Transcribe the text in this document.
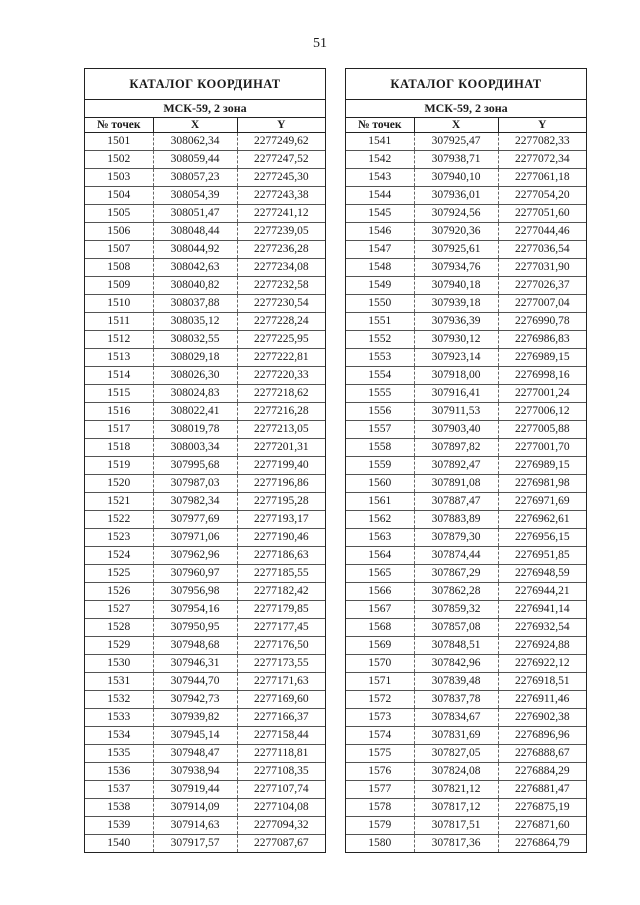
51
КАТАЛОГ КООРДИНАТ
МСК-59, 2 зона
№ точек	X	Y
1501	308062,34	2277249,62
1502	308059,44	2277247,52
1503	308057,23	2277245,30
1504	308054,39	2277243,38
1505	308051,47	2277241,12
1506	308048,44	2277239,05
1507	308044,92	2277236,28
1508	308042,63	2277234,08
1509	308040,82	2277232,58
1510	308037,88	2277230,54
1511	308035,12	2277228,24
1512	308032,55	2277225,95
1513	308029,18	2277222,81
1514	308026,30	2277220,33
1515	308024,83	2277218,62
1516	308022,41	2277216,28
1517	308019,78	2277213,05
1518	308003,34	2277201,31
1519	307995,68	2277199,40
1520	307987,03	2277196,86
1521	307982,34	2277195,28
1522	307977,69	2277193,17
1523	307971,06	2277190,46
1524	307962,96	2277186,63
1525	307960,97	2277185,55
1526	307956,98	2277182,42
1527	307954,16	2277179,85
1528	307950,95	2277177,45
1529	307948,68	2277176,50
1530	307946,31	2277173,55
1531	307944,70	2277171,63
1532	307942,73	2277169,60
1533	307939,82	2277166,37
1534	307945,14	2277158,44
1535	307948,47	2277118,81
1536	307938,94	2277108,35
1537	307919,44	2277107,74
1538	307914,09	2277104,08
1539	307914,63	2277094,32
1540	307917,57	2277087,67
КАТАЛОГ КООРДИНАТ
МСК-59, 2 зона
№ точек	X	Y
1541	307925,47	2277082,33
1542	307938,71	2277072,34
1543	307940,10	2277061,18
1544	307936,01	2277054,20
1545	307924,56	2277051,60
1546	307920,36	2277044,46
1547	307925,61	2277036,54
1548	307934,76	2277031,90
1549	307940,18	2277026,37
1550	307939,18	2277007,04
1551	307936,39	2276990,78
1552	307930,12	2276986,83
1553	307923,14	2276989,15
1554	307918,00	2276998,16
1555	307916,41	2277001,24
1556	307911,53	2277006,12
1557	307903,40	2277005,88
1558	307897,82	2277001,70
1559	307892,47	2276989,15
1560	307891,08	2276981,98
1561	307887,47	2276971,69
1562	307883,89	2276962,61
1563	307879,30	2276956,15
1564	307874,44	2276951,85
1565	307867,29	2276948,59
1566	307862,28	2276944,21
1567	307859,32	2276941,14
1568	307857,08	2276932,54
1569	307848,51	2276924,88
1570	307842,96	2276922,12
1571	307839,48	2276918,51
1572	307837,78	2276911,46
1573	307834,67	2276902,38
1574	307831,69	2276896,96
1575	307827,05	2276888,67
1576	307824,08	2276884,29
1577	307821,12	2276881,47
1578	307817,12	2276875,19
1579	307817,51	2276871,60
1580	307817,36	2276864,79
